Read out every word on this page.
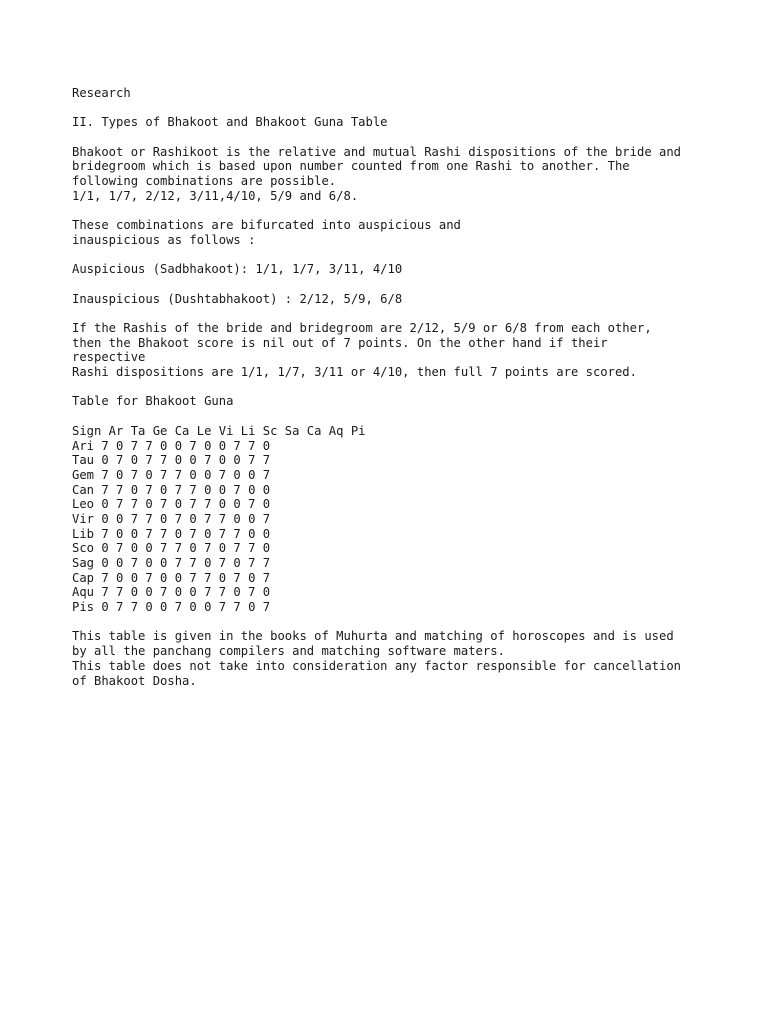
Research
II. Types of Bhakoot and Bhakoot Guna Table
Bhakoot or Rashikoot is the relative and mutual Rashi dispositions of the bride and
bridegroom which is based upon number counted from one Rashi to another. The
following combinations are possible.
1/1, 1/7, 2/12, 3/11,4/10, 5/9 and 6/8.
These combinations are bifurcated into auspicious and
inauspicious as follows :
Auspicious (Sadbhakoot): 1/1, 1/7, 3/11, 4/10
Inauspicious (Dushtabhakoot) : 2/12, 5/9, 6/8
If the Rashis of the bride and bridegroom are 2/12, 5/9 or 6/8 from each other,
then the Bhakoot score is nil out of 7 points. On the other hand if their
respective
Rashi dispositions are 1/1, 1/7, 3/11 or 4/10, then full 7 points are scored.
Table for Bhakoot Guna
Sign Ar Ta Ge Ca Le Vi Li Sc Sa Ca Aq Pi
Ari 7 0 7 7 0 0 7 0 0 7 7 0
Tau 0 7 0 7 7 0 0 7 0 0 7 7
Gem 7 0 7 0 7 7 0 0 7 0 0 7
Can 7 7 0 7 0 7 7 0 0 7 0 0
Leo 0 7 7 0 7 0 7 7 0 0 7 0
Vir 0 0 7 7 0 7 0 7 7 0 0 7
Lib 7 0 0 7 7 0 7 0 7 7 0 0
Sco 0 7 0 0 7 7 0 7 0 7 7 0
Sag 0 0 7 0 0 7 7 0 7 0 7 7
Cap 7 0 0 7 0 0 7 7 0 7 0 7
Aqu 7 7 0 0 7 0 0 7 7 0 7 0
Pis 0 7 7 0 0 7 0 0 7 7 0 7
This table is given in the books of Muhurta and matching of horoscopes and is used
by all the panchang compilers and matching software maters.
This table does not take into consideration any factor responsible for cancellation
of Bhakoot Dosha.
